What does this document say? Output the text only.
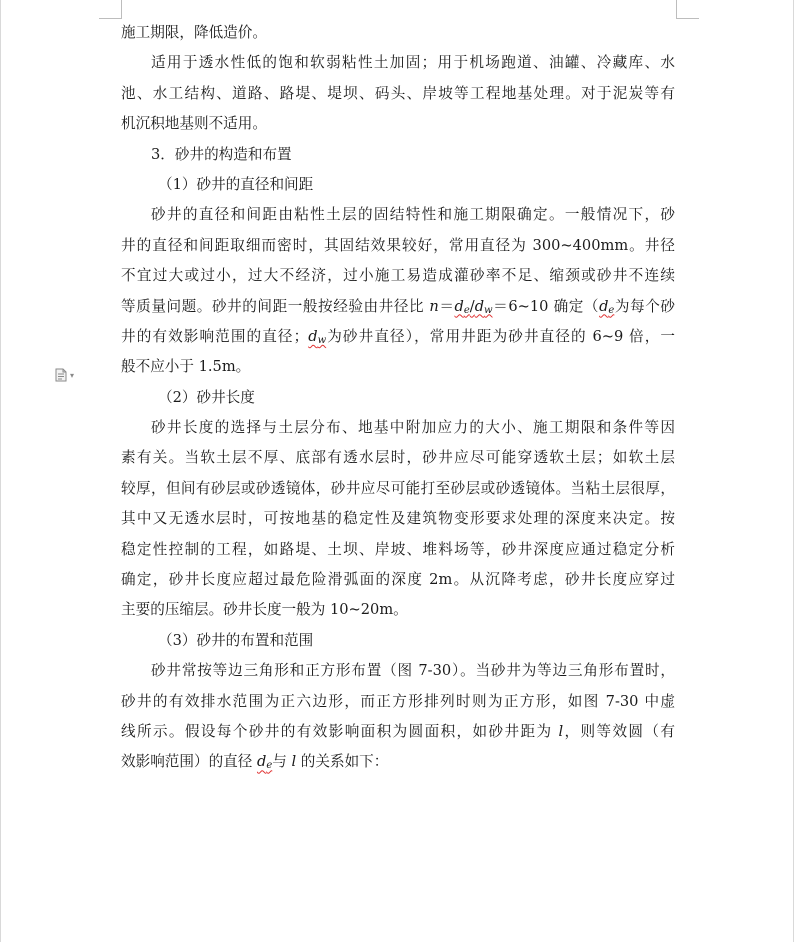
▾
施工期限，降低造价。
适用于透水性低的饱和软弱粘性土加固；用于机场跑道、油罐、冷藏库、水
池、水工结构、道路、路堤、堤坝、码头、岸坡等工程地基处理。对于泥炭等有
机沉积地基则不适用。
3．砂井的构造和布置
（1）砂井的直径和间距
砂井的直径和间距由粘性土层的固结特性和施工期限确定。一般情况下，砂
井的直径和间距取细而密时，其固结效果较好，常用直径为 300~400mm。井径
不宜过大或过小，过大不经济，过小施工易造成灌砂率不足、缩颈或砂井不连续
等质量问题。砂井的间距一般按经验由井径比 $n=d_e/d_w=6\sim 10$ 确定（$d_e$为每个砂
井的有效影响范围的直径；$d_w$为砂井直径），常用井距为砂井直径的 6~9 倍，一
般不应小于 1.5m。
（2）砂井长度
砂井长度的选择与土层分布、地基中附加应力的大小、施工期限和条件等因
素有关。当软土层不厚、底部有透水层时，砂井应尽可能穿透软土层；如软土层
较厚，但间有砂层或砂透镜体，砂井应尽可能打至砂层或砂透镜体。当粘土层很厚，
其中又无透水层时，可按地基的稳定性及建筑物变形要求处理的深度来决定。按
稳定性控制的工程，如路堤、土坝、岸坡、堆料场等，砂井深度应通过稳定分析
确定，砂井长度应超过最危险滑弧面的深度 2m。从沉降考虑，砂井长度应穿过
主要的压缩层。砂井长度一般为 10~20m。
（3）砂井的布置和范围
砂井常按等边三角形和正方形布置（图 7-30）。当砂井为等边三角形布置时，
砂井的有效排水范围为正六边形，而正方形排列时则为正方形，如图 7-30 中虚
线所示。假设每个砂井的有效影响面积为圆面积，如砂井距为 l，则等效圆（有
效影响范围）的直径 $d_e$与 l 的关系如下：
